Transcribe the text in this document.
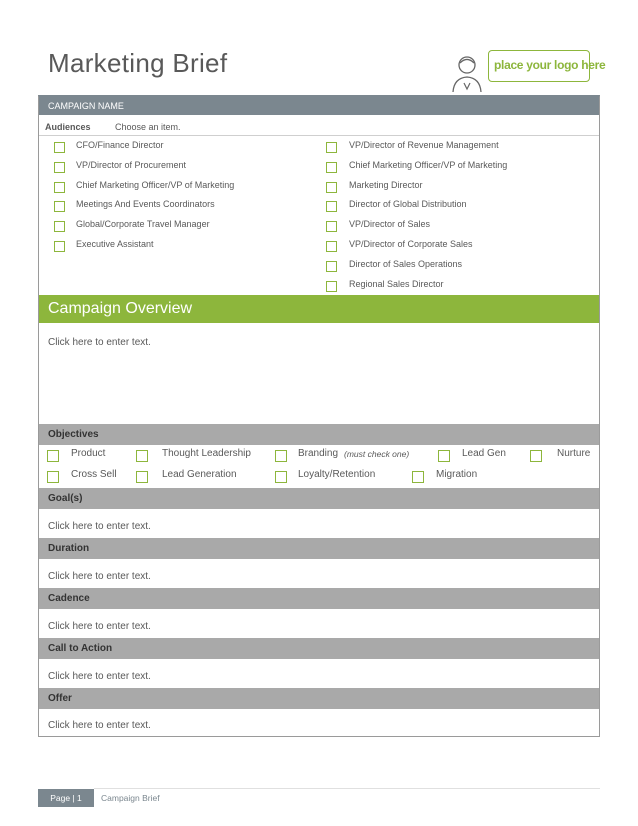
Marketing Brief	place your logo here
CAMPAIGN NAME
Audiences	Choose an item.
CFO/Finance Director
VP/Director of Procurement
Chief Marketing Officer/VP of Marketing
Meetings And Events Coordinators
Global/Corporate Travel Manager
Executive Assistant
VP/Director of Revenue Management
Chief Marketing Officer/VP of Marketing
Marketing Director
Director of Global Distribution
VP/Director of Sales
VP/Director of Corporate Sales
Director of Sales Operations
Regional Sales Director
Campaign Overview
Click here to enter text.
Objectives
Product	Thought Leadership	Branding (must check one)	Lead Gen	Nurture
Cross Sell	Lead Generation	Loyalty/Retention	Migration
Goal(s)
Click here to enter text.
Duration
Click here to enter text.
Cadence
Click here to enter text.
Call to Action
Click here to enter text.
Offer
Click here to enter text.
Page | 1	Campaign Brief
